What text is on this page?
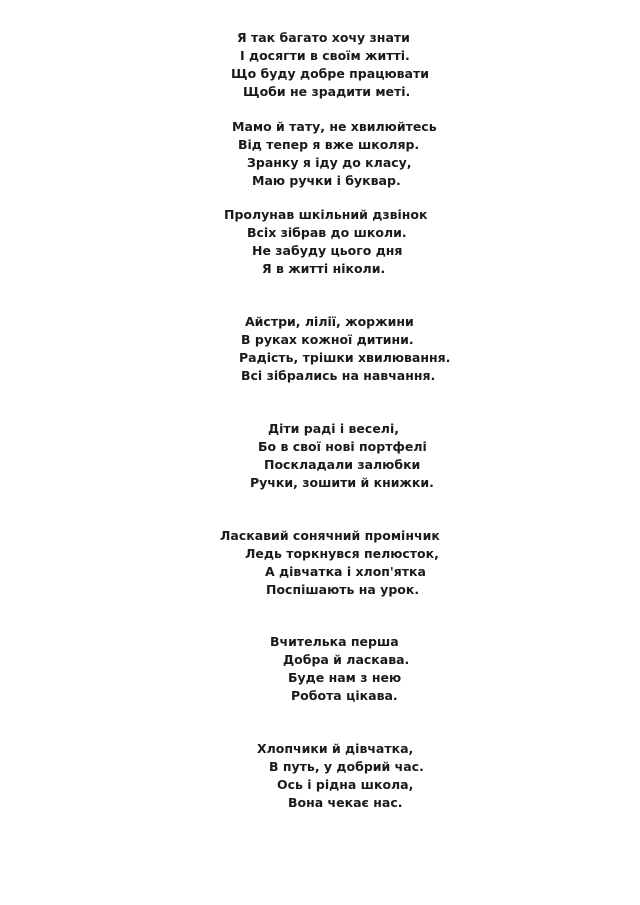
Я так багато хочу знати
І досягти в своїм житті.
Що буду добре працювати
Щоби не зрадити меті.
Мамо й тату, не хвилюйтесь
Від тепер я вже школяр.
Зранку я іду до класу,
Маю ручки і буквар.
Пролунав шкільний дзвінок
Всіх зібрав до школи.
Не забуду цього дня
Я в житті ніколи.
Айстри, лілії, жоржини
В руках кожної дитини.
Радість, трішки хвилювання.
Всі зібрались на навчання.
Діти раді і веселі,
Бо в свої нові портфелі
Поскладали залюбки
Ручки, зошити й книжки.
Ласкавий сонячний промінчик
Ледь торкнувся пелюсток,
А дівчатка і хлоп'ятка
Поспішають на урок.
Вчителька перша
Добра й ласкава.
Буде нам з нею
Робота цікава.
Хлопчики й дівчатка,
В путь, у добрий час.
Ось і рідна школа,
Вона чекає нас.
